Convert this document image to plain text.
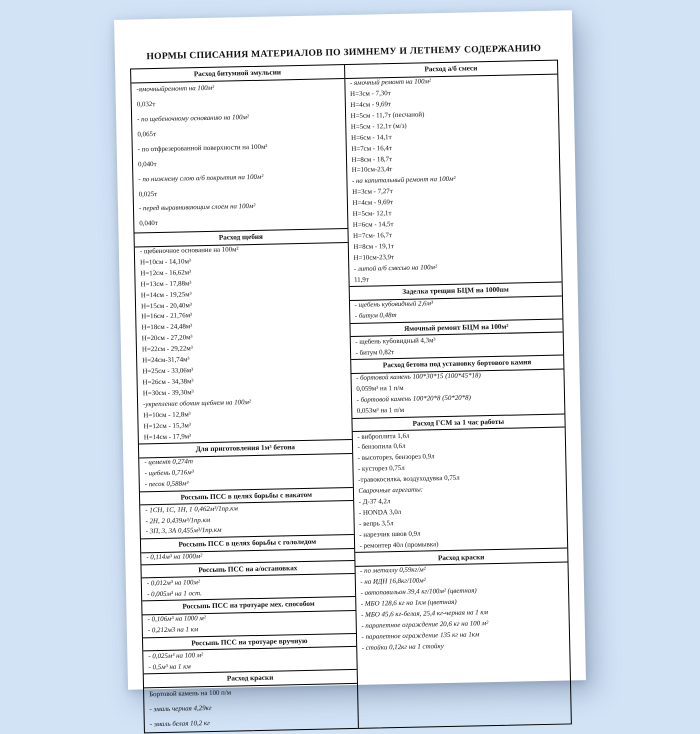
НОРМЫ СПИСАНИЯ МАТЕРИАЛОВ ПО ЗИМНЕМУ И ЛЕТНЕМУ СОДЕРЖАНИЮ
Расход битумной эмульсии
-ямочныйремонт на 100м²
0,032т
- по щебеночному основанию на 100м²
0,065т
- по отфрезерованной поверхности на 100м²
0,040т
- по нижнему слою а/б покрытия на 100м²
0,025т
- перед выравнивающим слоем на 100м²
0,040т
Расход щебня
- щебеночное основание на 100м²
Н=10см - 14,10м³
Н=12см - 16,62м³
Н=13см - 17,88м³
Н=14см - 19,25м³
Н=15см - 20,40м³
Н=16см - 21,76м³
Н=18см - 24,48м³
Н=20см - 27,20м³
Н=22см - 29,22м³
Н=24см-31,74м³
Н=25см - 33,06м³
Н=26см - 34,38м³
Н=30см - 39,30м³
-укрепление обочин щебнем на 100м²
Н=10см - 12,8м³
Н=12см - 15,3м³
Н=14см - 17,9м³
Для приготовления 1м³ бетона
- цемент 0,274т
- щебень 0,716м³
- песок 0,588м³
Россыпь ПСС в целях борьбы с накатом
- 1СН, 1С, 1Н, 1 0,462м³/1пр.км
- 2Н, 2 0,439м³/1пр.км
- 3П, 3, 3А 0,455м³/1пр.км
Россыпь ПСС в целях борьбы с гололедом
- 0,114м³ на 1000м²
Россыпь ПСС на а/остановках
- 0,012м³ на 100м²
- 0,005м³ на 1 ост.
Россыпь ПСС на тротуаре мех. способом
- 0,106м³ на 1000 м²
- 0,212м3 на 1 км
Россыпь ПСС на тротуаре вручную
- 0,025м³ на 100 м²
- 0,5м³ на 1 км
Расход краски
Бортовой камень на 100 п/м
- эмаль черная 4,29кг
- эмаль белая 10,2 кг
Расход а/б смеси
- ямочный ремонт на 100м²
Н=3см - 7,30т
Н=4см - 9,69т
Н=5см - 11,7т (песчаной)
Н=5см - 12,1т (м/з)
Н=6см - 14,1т
Н=7см - 16,4т
Н=8см - 18,7т
Н=10см-23,4т
- на капитальный ремонт на 100м²
Н=3см - 7,27т
Н=4см - 9,69т
Н=5см- 12,1т
Н=6см - 14,5т
Н=7см- 16,7т
Н=8см - 19,1т
Н=10см-23,9т
- литой а/б смесью на 100м²
11,9т
Заделка трещин БЦМ на 1000пм
- щебень кубовидный 2,6м³
- битум 0,48т
Ямочный ремонт БЦМ на 100м²
- щебень кубовидный 4,3м³
- битум 0,82т
Расход бетона под установку бортового камня
- бортовой камень 100*30*15 (100*45*18)
0,059м³ на 1 п/м
- бортовой камень 100*20*8 (50*20*8)
0,053м³ на 1 п/м
Расход ГСМ за 1 час работы
- виброплита 1,6л
- бензопила 0,6л
- высоторез, бензорез 0,9л
- кусторез 0,75л
-травокосилка, воздуходувка 0,75л
Сварочные агрегаты:
- Д-37 4,2л
- HONDA 3,0л
- вепрь 3,5л
- нарезчик швов 0,9л
- ремонтер 40л (промывка)
Расход краски
- по металлу 0,59кг/м²
- на ИДН 16,8кг/100м²
- автопавильон 39,4 кг/100м² (цветная)
- МБО 128,6 кг на 1км (цветная)
- МБО 45,6 кг-белая, 25,4 кг-черная на 1 км
- парапетное ограждение 20,6 кг на 100 м²
- парапетное ограждение 135 кг на 1км
- стойки 0,12кг на 1 стойку
